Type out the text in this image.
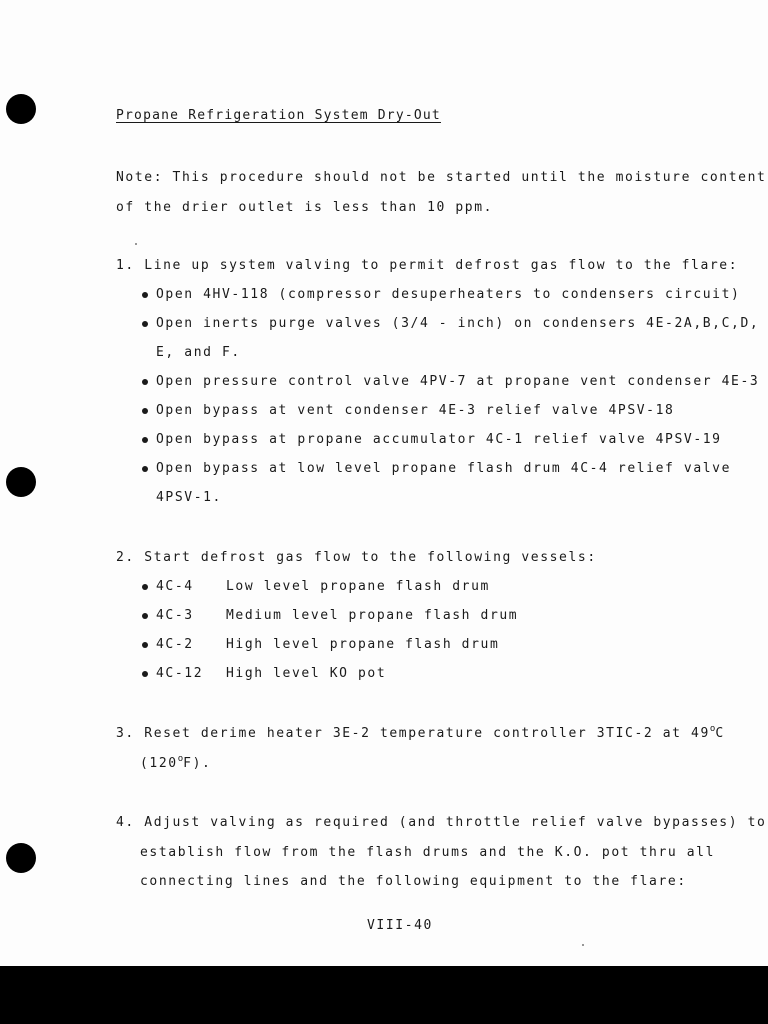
Propane Refrigeration System Dry-Out
Note: This procedure should not be started until the moisture content
of the drier outlet is less than 10 ppm.
1. Line up system valving to permit defrost gas flow to the flare:
Open 4HV-118 (compressor desuperheaters to condensers circuit)
Open inerts purge valves (3/4 - inch) on condensers 4E-2A,B,C,D,
E, and F.
Open pressure control valve 4PV-7 at propane vent condenser 4E-3
Open bypass at vent condenser 4E-3 relief valve 4PSV-18
Open bypass at propane accumulator 4C-1 relief valve 4PSV-19
Open bypass at low level propane flash drum 4C-4 relief valve
4PSV-1.
2. Start defrost gas flow to the following vessels:
4C-4 Low level propane flash drum
4C-3 Medium level propane flash drum
4C-2 High level propane flash drum
4C-12 High level KO pot
3. Reset derime heater 3E-2 temperature controller 3TIC-2 at 49$^o$C
(120$^o$F).
4. Adjust valving as required (and throttle relief valve bypasses) to
establish flow from the flash drums and the K.O. pot thru all
connecting lines and the following equipment to the flare:
VIII-40
